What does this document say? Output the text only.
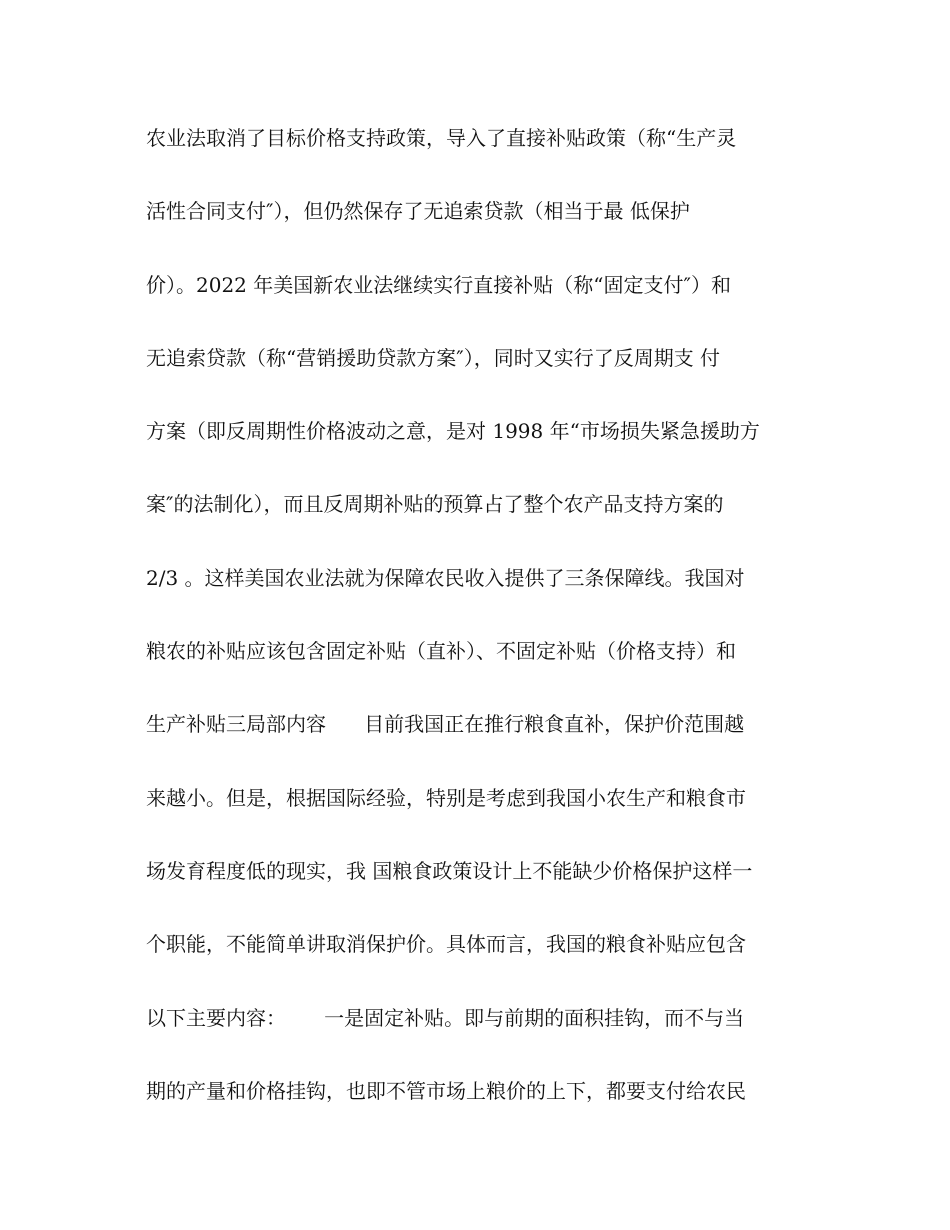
农业法取消了目标价格支持政策，导入了直接补贴政策（称“生产灵
活性合同支付″），但仍然保存了无追索贷款（相当于最 低保护
价）。2022 年美国新农业法继续实行直接补贴（称“固定支付″）和
无追索贷款（称“营销援助贷款方案″），同时又实行了反周期支 付
方案（即反周期性价格波动之意，是对 1998 年“市场损失紧急援助方
案″的法制化），而且反周期补贴的预算占了整个农产品支持方案的
2/3 。这样美国农业法就为保障农民收入提供了三条保障线。我国对
粮农的补贴应该包含固定补贴（直补）、不固定补贴（价格支持）和
生产补贴三局部内容      目前我国正在推行粮食直补，保护价范围越
来越小。但是，根据国际经验，特别是考虑到我国小农生产和粮食市
场发育程度低的现实，我 国粮食政策设计上不能缺少价格保护这样一
个职能，不能简单讲取消保护价。具体而言，我国的粮食补贴应包含
以下主要内容：      一是固定补贴。即与前期的面积挂钩，而不与当
期的产量和价格挂钩，也即不管市场上粮价的上下，都要支付给农民
